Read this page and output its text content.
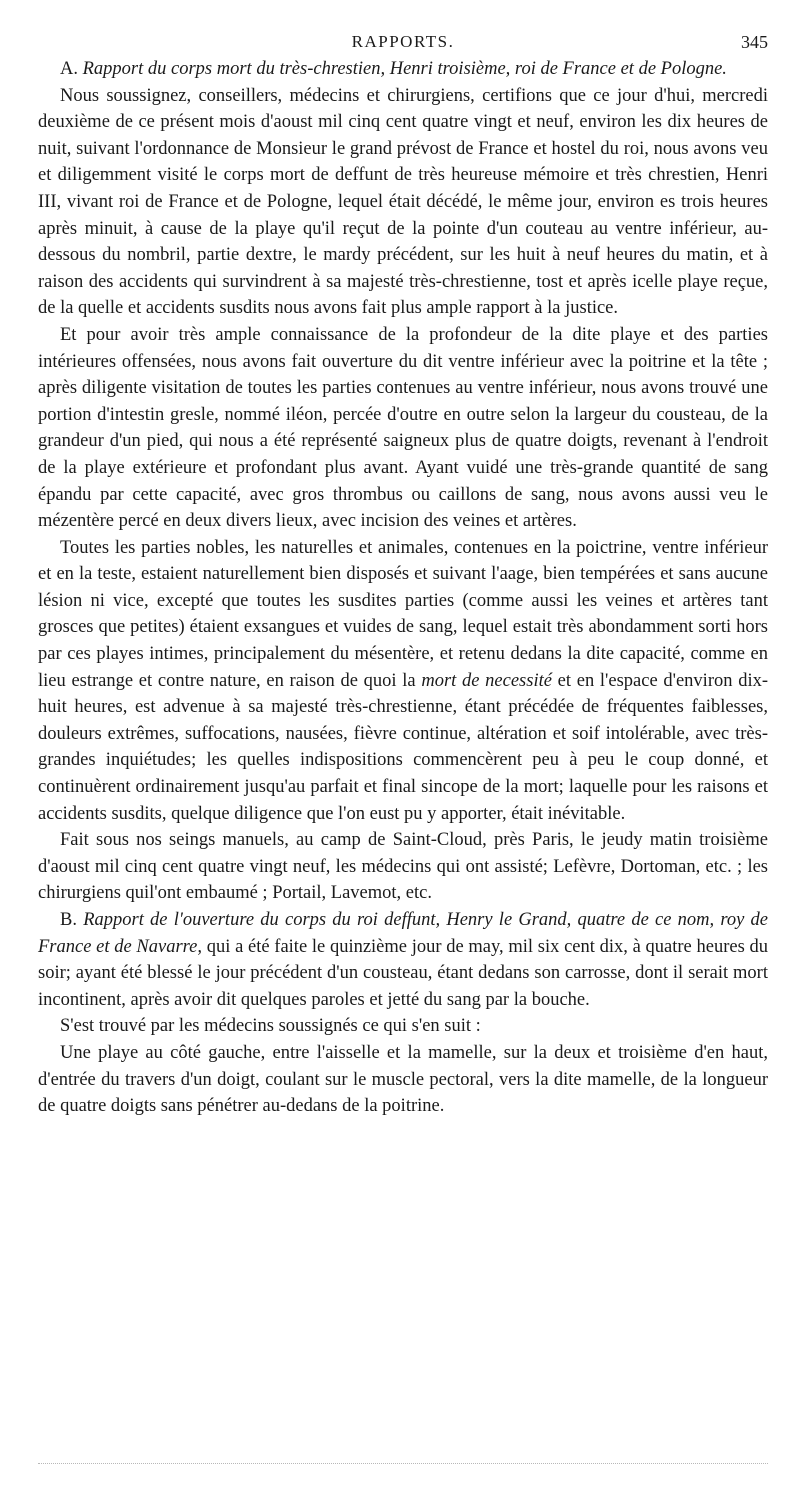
RAPPORTS.	345

A. Rapport du corps mort du très-chrestien, Henri troisième, roi de France et de Pologne.

Nous soussignez, conseillers, médecins et chirurgiens, certifions que ce jour d'hui, mercredi deuxième de ce présent mois d'aoust mil cinq cent quatre vingt et neuf, environ les dix heures de nuit, suivant l'ordonnance de Monsieur le grand prévost de France et hostel du roi, nous avons veu et diligemment visité le corps mort de deffunt de très heureuse mémoire et très chrestien, Henri III, vivant roi de France et de Pologne, lequel était décédé, le même jour, environ es trois heures après minuit, à cause de la playe qu'il reçut de la pointe d'un couteau au ventre inférieur, au-dessous du nombril, partie dextre, le mardy précédent, sur les huit à neuf heures du matin, et à raison des accidents qui survindrent à sa majesté très-chrestienne, tost et après icelle playe reçue, de la quelle et accidents susdits nous avons fait plus ample rapport à la justice.

Et pour avoir très ample connaissance de la profondeur de la dite playe et des parties intérieures offensées, nous avons fait ouverture du dit ventre inférieur avec la poitrine et la tête ; après diligente visitation de toutes les parties contenues au ventre inférieur, nous avons trouvé une portion d'intestin gresle, nommé iléon, percée d'outre en outre selon la largeur du cousteau, de la grandeur d'un pied, qui nous a été représenté saigneux plus de quatre doigts, revenant à l'endroit de la playe extérieure et profondant plus avant. Ayant vuidé une très-grande quantité de sang épandu par cette capacité, avec gros thrombus ou caillons de sang, nous avons aussi veu le mézentère percé en deux divers lieux, avec incision des veines et artères.

Toutes les parties nobles, les naturelles et animales, contenues en la poictrine, ventre inférieur et en la teste, estaient naturellement bien disposés et suivant l'aage, bien tempérées et sans aucune lésion ni vice, excepté que toutes les susdites parties (comme aussi les veines et artères tant grosces que petites) étaient exsangues et vuides de sang, lequel estait très abondamment sorti hors par ces playes intimes, principalement du mésentère, et retenu dedans la dite capacité, comme en lieu estrange et contre nature, en raison de quoi la mort de necessité et en l'espace d'environ dix-huit heures, est advenue à sa majesté très-chrestienne, étant précédée de fréquentes faiblesses, douleurs extrêmes, suffocations, nausées, fièvre continue, altération et soif intolérable, avec très-grandes inquiétudes; les quelles indispositions commencèrent peu à peu le coup donné, et continuèrent ordinairement jusqu'au parfait et final sincope de la mort; laquelle pour les raisons et accidents susdits, quelque diligence que l'on eust pu y apporter, était inévitable.

Fait sous nos seings manuels, au camp de Saint-Cloud, près Paris, le jeudy matin troisième d'aoust mil cinq cent quatre vingt neuf, les médecins qui ont assisté; Lefèvre, Dortoman, etc. ; les chirurgiens quil'ont embaumé ; Portail, Lavemot, etc.

B. Rapport de l'ouverture du corps du roi deffunt, Henry le Grand, quatre de ce nom, roy de France et de Navarre, qui a été faite le quinzième jour de may, mil six cent dix, à quatre heures du soir; ayant été blessé le jour précédent d'un cousteau, étant dedans son carrosse, dont il serait mort incontinent, après avoir dit quelques paroles et jetté du sang par la bouche.

S'est trouvé par les médecins soussignés ce qui s'en suit :

Une playe au côté gauche, entre l'aisselle et la mamelle, sur la deux et troisième d'en haut, d'entrée du travers d'un doigt, coulant sur le muscle pectoral, vers la dite mamelle, de la longueur de quatre doigts sans pénétrer au-dedans de la poitrine.
